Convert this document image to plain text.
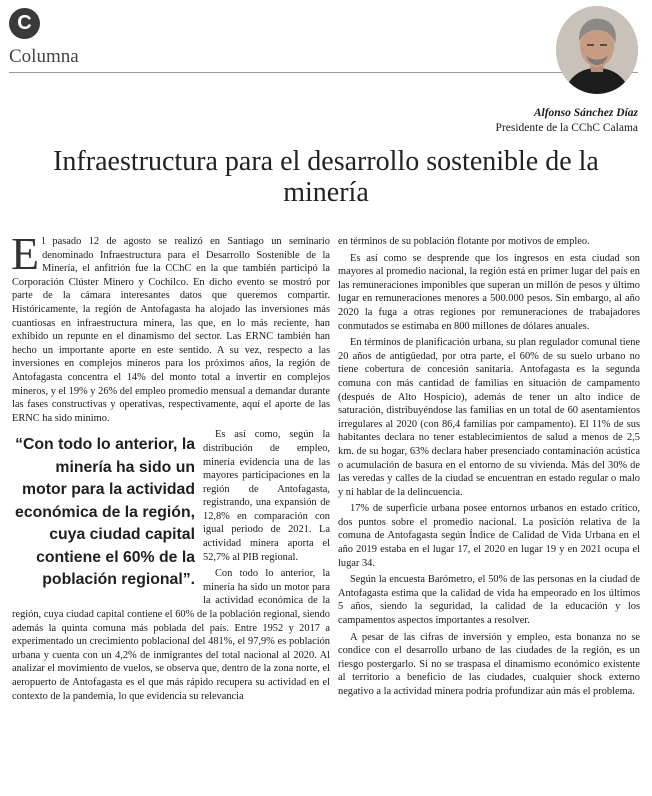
C
Columna
Alfonso Sánchez Díaz
Presidente de la CChC Calama
Infraestructura para el desarrollo sostenible de la minería

El pasado 12 de agosto se realizó en Santiago un seminario denominado Infraestructura para el Desarrollo Sostenible de la Minería, el anfitrión fue la CChC en la que también participó la Corporación Clúster Minero y Cochilco. En dicho evento se mostró por parte de la cámara interesantes datos que queremos compartir. Históricamente, la región de Antofagasta ha alojado las inversiones más cuantiosas en infraestructura minera, las que, en lo más reciente, han exhibido un repunte en el dinamismo del sector. Las ERNC también han hecho un importante aporte en este sentido. A su vez, respecto a las inversiones en complejos mineros para los próximos años, la región de Antofagasta concentra el 14% del monto total a invertir en complejos mineros, y el 19% y 26% del empleo promedio mensual a demandar durante las fases constructivas y operativas, respectivamente, aquí el aporte de las ERNC ha sido mínimo.

“Con todo lo anterior, la minería ha sido un motor para la actividad económica de la región, cuya ciudad capital contiene el 60% de la población regional”.

Es así como, según la distribución de empleo, minería evidencia una de las mayores participaciones en la región de Antofagasta, registrando, una expansión de 12,8% en comparación con igual periodo de 2021. La actividad minera aporta el 52,7% al PIB regional.

Con todo lo anterior, la minería ha sido un motor para la actividad económica de la región, cuya ciudad capital contiene el 60% de la población regional, siendo además la quinta comuna más poblada del país. Entre 1952 y 2017 a experimentado un crecimiento poblacional del 481%, el 97,9% es población urbana y cuenta con un 4,2% de inmigrantes del total nacional al 2020. Al analizar el movimiento de vuelos, se observa que, dentro de la zona norte, el aeropuerto de Antofagasta es el que más rápido recupera su actividad en el contexto de la pandemia, lo que evidencia su relevancia

en términos de su población flotante por motivos de empleo.

Es así como se desprende que los ingresos en esta ciudad son mayores al promedio nacional, la región está en primer lugar del país en las remuneraciones imponibles que superan un millón de pesos y último lugar en remuneraciones menores a 500.000 pesos. Sin embargo, al año 2020 la fuga a otras regiones por remuneraciones de trabajadores conmutados se estimaba en 800 millones de dólares anuales.

En términos de planificación urbana, su plan regulador comunal tiene 20 años de antigüedad, por otra parte, el 60% de su suelo urbano no tiene cobertura de concesión sanitaria. Antofagasta es la segunda comuna con más cantidad de familias en situación de campamento (después de Alto Hospicio), además de tener un alto índice de saturación, distribuyéndose las familias en un total de 60 asentamientos irregulares al 2020 (con 86,4 familias por campamento). El 11% de sus habitantes declara no tener establecimientos de salud a menos de 2,5 km. de su hogar, 63% declara haber presenciado contaminación acústica o acumulación de basura en el entorno de su vivienda. Más del 30% de las veredas y calles de la ciudad se encuentran en estado regular o malo y ni hablar de la delincuencia.

17% de superficie urbana posee entornos urbanos en estado crítico, dos puntos sobre el promedio nacional. La posición relativa de la comuna de Antofagasta según Índice de Calidad de Vida Urbana en el año 2019 estaba en el lugar 17, el 2020 en lugar 19 y en 2021 ocupa el lugar 34.

Según la encuesta Barómetro, el 50% de las personas en la ciudad de Antofagasta estima que la calidad de vida ha empeorado en los últimos 5 años, siendo la seguridad, la calidad de la educación y los campamentos aspectos importantes a resolver.

A pesar de las cifras de inversión y empleo, esta bonanza no se condice con el desarrollo urbano de las ciudades de la región, es un riesgo postergarlo. Si no se traspasa el dinamismo económico existente al territorio a beneficio de las ciudades, cualquier shock externo negativo a la actividad minera podría profundizar aún más el problema.
